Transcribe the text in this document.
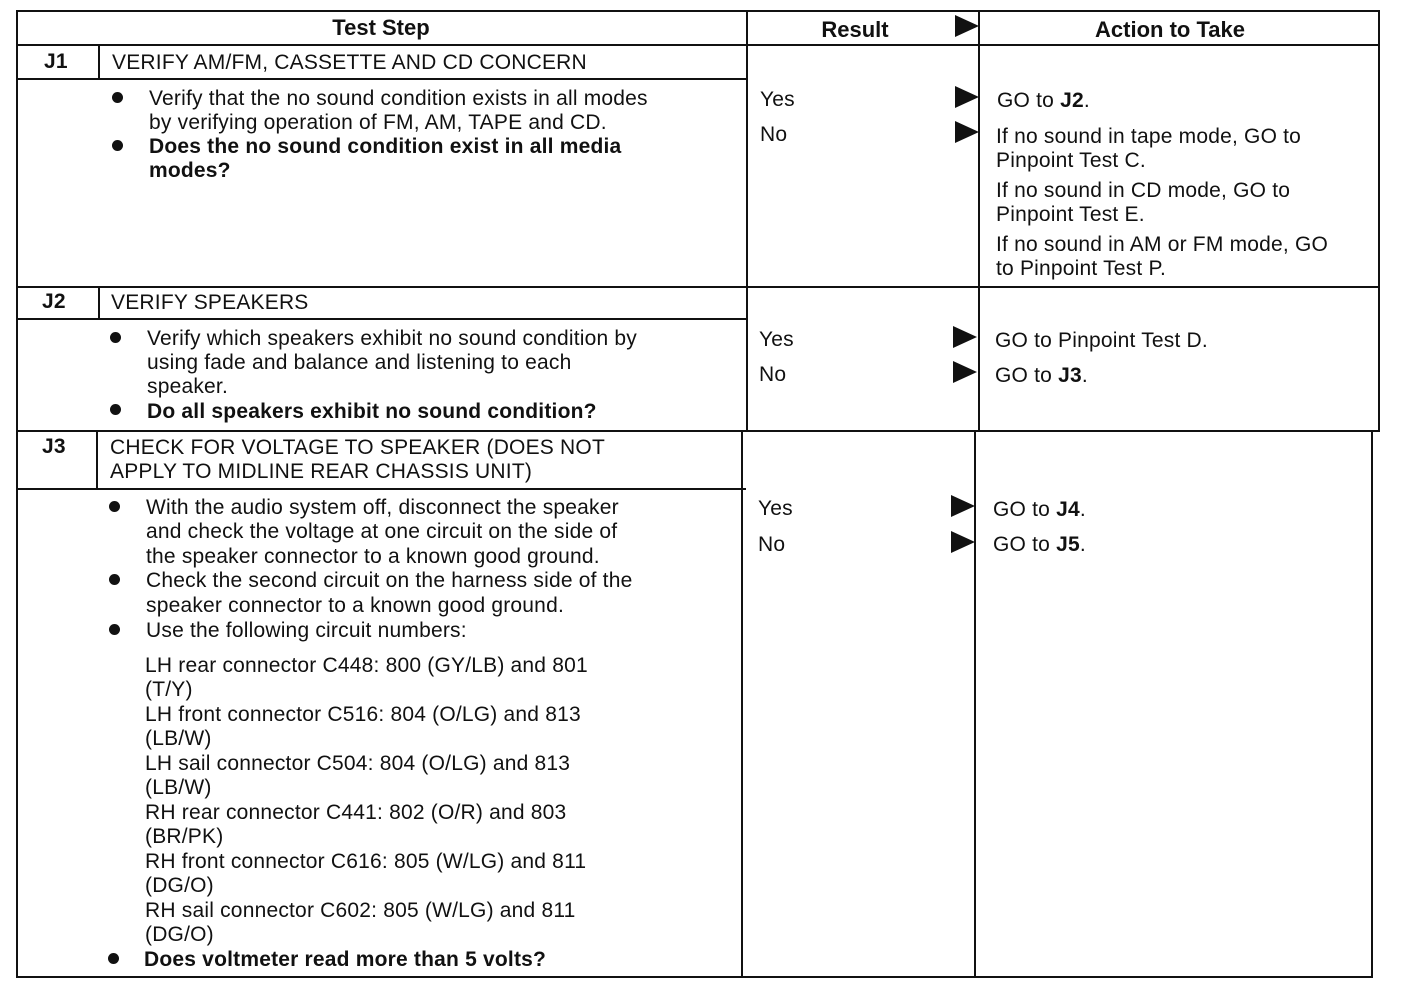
Test Step	Result	Action to Take
J1 VERIFY AM/FM, CASSETTE AND CD CONCERN
Verify that the no sound condition exists in all modes
by verifying operation of FM, AM, TAPE and CD.
Does the no sound condition exist in all media
modes?
Yes
No
GO to J2.
If no sound in tape mode, GO to
Pinpoint Test C.
If no sound in CD mode, GO to
Pinpoint Test E.
If no sound in AM or FM mode, GO
to Pinpoint Test P.
J2 VERIFY SPEAKERS
Verify which speakers exhibit no sound condition by
using fade and balance and listening to each
speaker.
Do all speakers exhibit no sound condition?
Yes
No
GO to Pinpoint Test D.
GO to J3.
J3 CHECK FOR VOLTAGE TO SPEAKER (DOES NOT
APPLY TO MIDLINE REAR CHASSIS UNIT)
With the audio system off, disconnect the speaker
and check the voltage at one circuit on the side of
the speaker connector to a known good ground.
Check the second circuit on the harness side of the
speaker connector to a known good ground.
Use the following circuit numbers:
LH rear connector C448: 800 (GY/LB) and 801
(T/Y)
LH front connector C516: 804 (O/LG) and 813
(LB/W)
LH sail connector C504: 804 (O/LG) and 813
(LB/W)
RH rear connector C441: 802 (O/R) and 803
(BR/PK)
RH front connector C616: 805 (W/LG) and 811
(DG/O)
RH sail connector C602: 805 (W/LG) and 811
(DG/O)
Does voltmeter read more than 5 volts?
Yes
No
GO to J4.
GO to J5.
